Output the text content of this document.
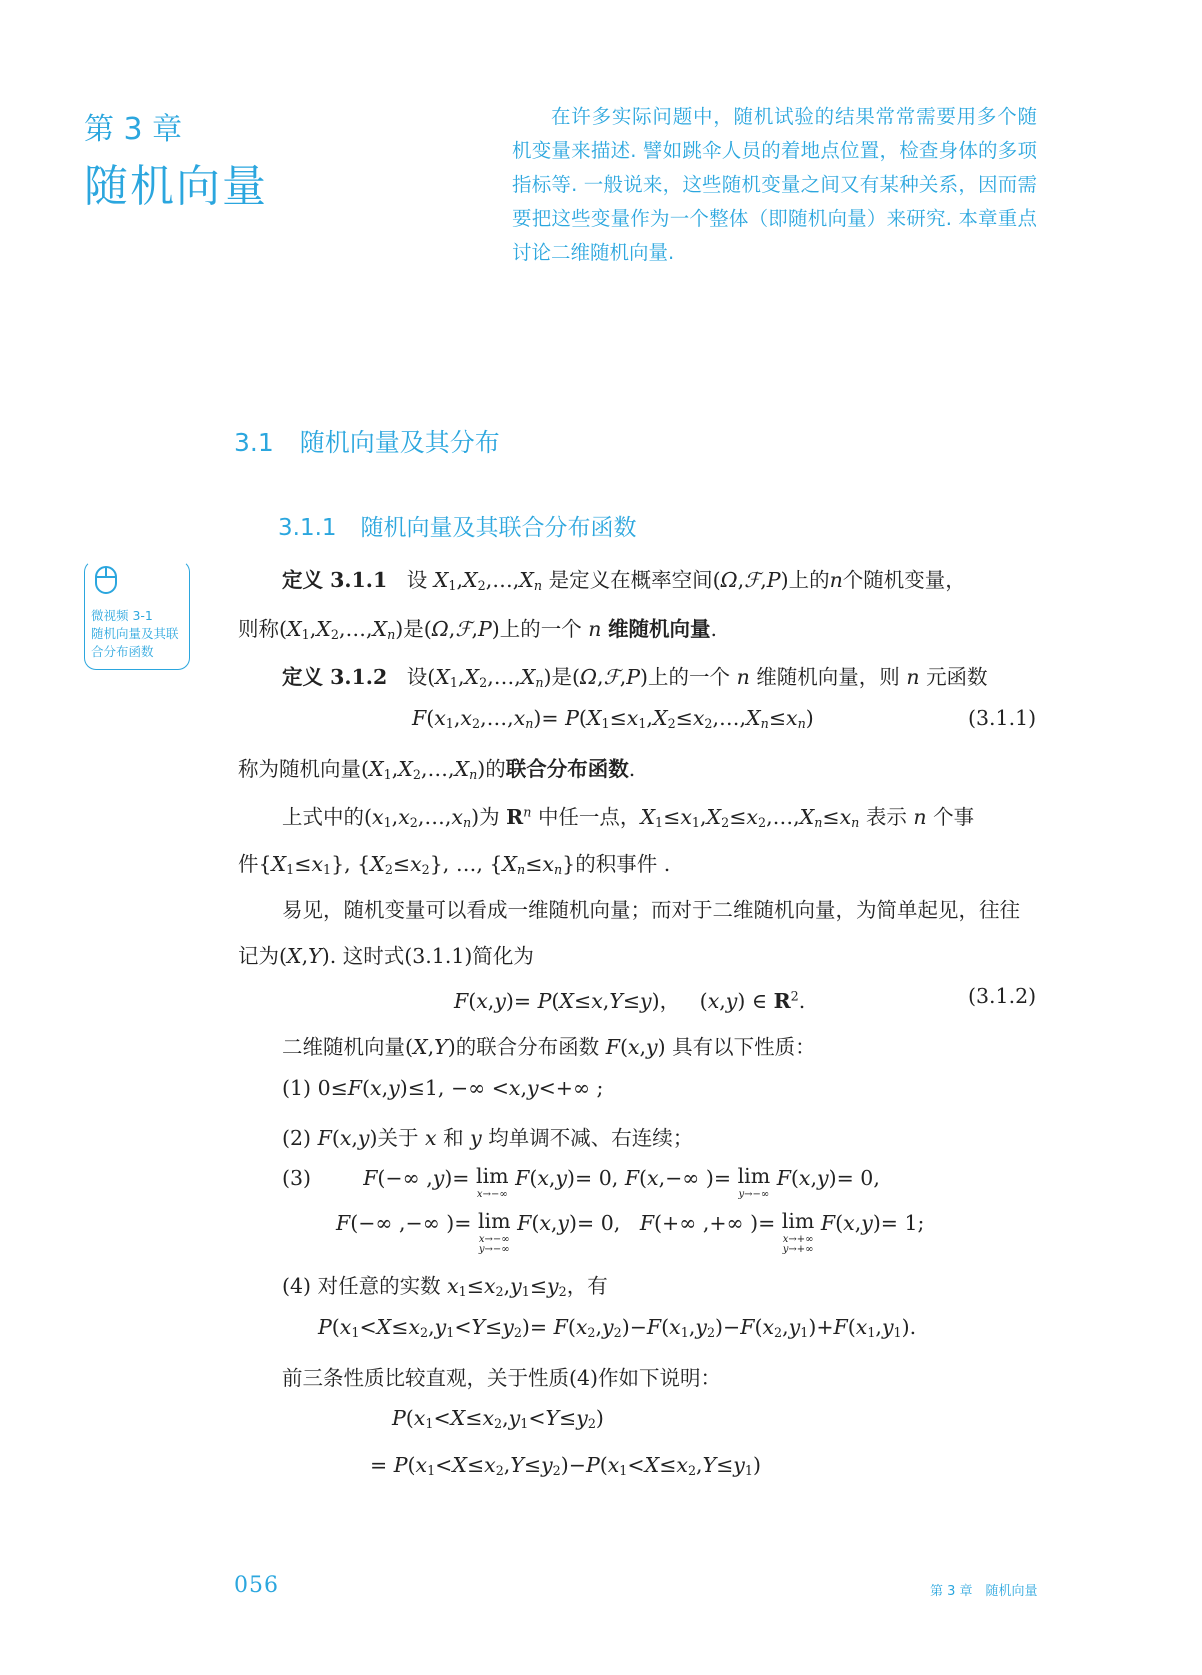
第 3 章
随机向量

在许多实际问题中，随机试验的结果常常需要用多个随机变量来描述. 譬如跳伞人员的着地点位置，检查身体的多项指标等. 一般说来，这些随机变量之间又有某种关系，因而需要把这些变量作为一个整体（即随机向量）来研究. 本章重点讨论二维随机向量.

3.1 随机向量及其分布
3.1.1 随机向量及其联合分布函数
微视频 3-1
随机向量及其联
合分布函数
定义 3.1.1 设 $X_1,X_2,\dots,X_n$ 是定义在概率空间(Ω,ℱ,P)上的n个随机变量，
则称$(X_1,X_2,\dots,X_n)$是(Ω,ℱ,P)上的一个 n 维随机向量.
定义 3.1.2 设$(X_1,X_2,\dots,X_n)$是(Ω,ℱ,P)上的一个 n 维随机向量，则 n 元函数
$F(x_1,x_2,\dots,x_n)=$ $P(X_1\le x_1,X_2\le x_2,\dots,X_n\le x_n)$	(3.1.1)
称为随机向量$(X_1,X_2,\dots,X_n)$的联合分布函数.
上式中的$(x_1,x_2,\dots,x_n)$为 $R^n$ 中任一点，$X_1\le x_1,X_2\le x_2,\dots,X_n\le x_n$ 表示 n 个事
件$\{X_1\le x_1\}$, $\{X_2\le x_2\}$, …, $\{X_n\le x_n\}$的积事件 .
易见，随机变量可以看成一维随机向量；而对于二维随机向量，为简单起见，往往
记为(X,Y). 这时式(3.1.1)简化为
F(x,y)= P(X≤x,Y≤y)，   (x,y) ∈ $R^2$.	(3.1.2)
二维随机向量(X,Y)的联合分布函数 F(x,y) 具有以下性质：
(1) 0≤F(x,y)≤1, −∞ <x,y<+∞ ;
(2) F(x,y)关于 x 和 y 均单调不减、右连续；
(3)	F(−∞ ,y)= lim
x→−∞
F(x,y)= 0, F(x,−∞ )= lim
y→−∞
F(x,y)= 0,
F(−∞ ,−∞ )= lim
x→−∞
y→−∞
F(x,y)= 0,   F(+∞ ,+∞ )= lim
x→+∞
y→+∞
F(x,y)= 1;
(4) 对任意的实数 $x_1\le x_2,y_1\le y_2$，有
$P(x_1<X\le x_2,y_1<Y\le y_2)= F(x_2,y_2)-F(x_1,y_2)-F(x_2,y_1)+F(x_1,y_1)$.
前三条性质比较直观，关于性质(4)作如下说明：
$P(x_1<X\le x_2,y_1<Y\le y_2)$
= $P(x_1<X\le x_2,Y\le y_2)-P(x_1<X\le x_2,Y\le y_1)$
056	第 3 章　随机向量
